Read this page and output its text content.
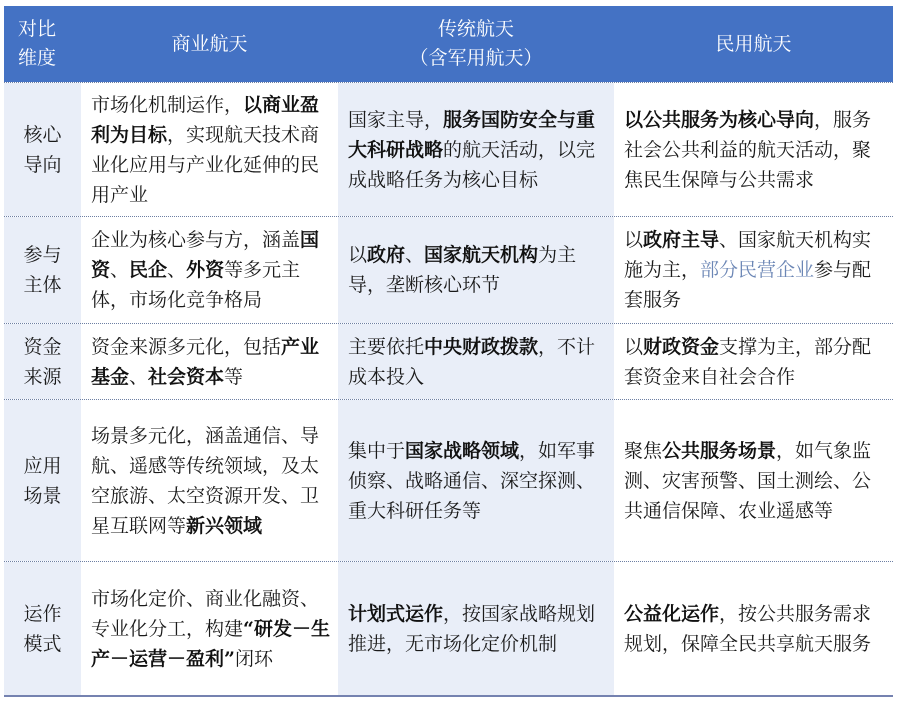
对比
维度
商业航天
传统航天
（含军用航天）
民用航天
核心
导向
市场化机制运作，以商业盈利为目标，实现航天技术商业化应用与产业化延伸的民用产业
国家主导，服务国防安全与重大科研战略的航天活动，以完成战略任务为核心目标
以公共服务为核心导向，服务社会公共利益的航天活动，聚焦民生保障与公共需求
参与
主体
企业为核心参与方，涵盖国资、民企、外资等多元主体，市场化竞争格局
以政府、国家航天机构为主导，垄断核心环节
以政府主导、国家航天机构实施为主，部分民营企业参与配套服务
资金
来源
资金来源多元化，包括产业基金、社会资本等
主要依托中央财政拨款，不计成本投入
以财政资金支撑为主，部分配套资金来自社会合作
应用
场景
场景多元化，涵盖通信、导航、遥感等传统领域，及太空旅游、太空资源开发、卫星互联网等新兴领域
集中于国家战略领域，如军事侦察、战略通信、深空探测、重大科研任务等
聚焦公共服务场景，如气象监测、灾害预警、国土测绘、公共通信保障、农业遥感等
运作
模式
市场化定价、商业化融资、专业化分工，构建“研发－生产－运营－盈利”闭环
计划式运作，按国家战略规划推进，无市场化定价机制
公益化运作，按公共服务需求规划，保障全民共享航天服务
